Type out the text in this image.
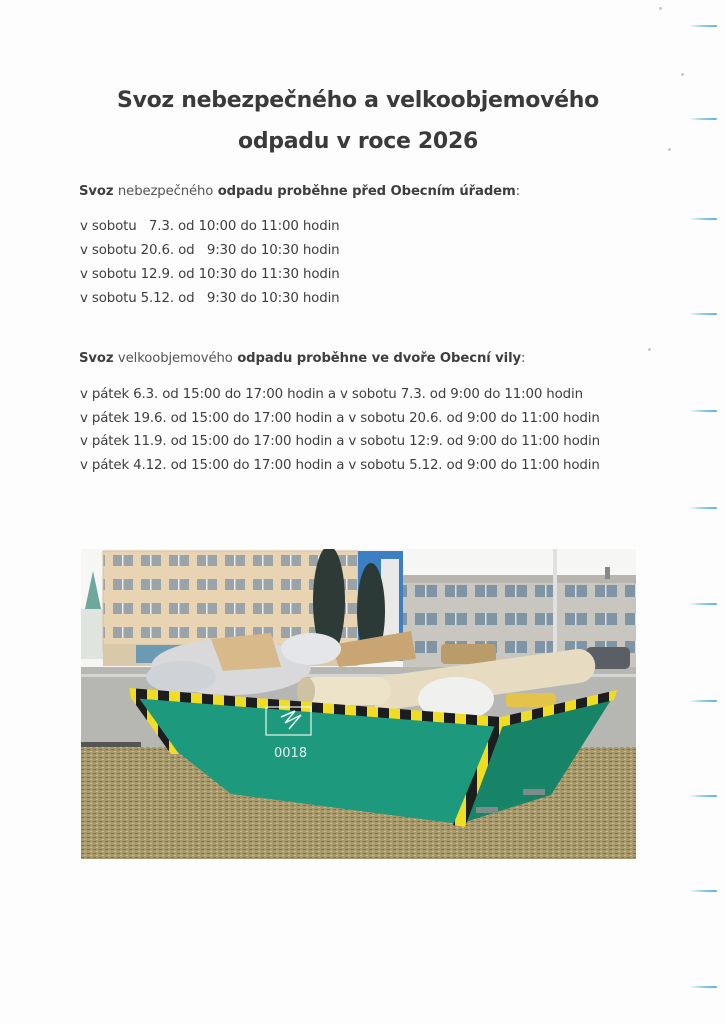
Svoz nebezpečného a velkoobjemového
odpadu v roce 2026
Svoz nebezpečného odpadu proběhne před Obecním úřadem:
v sobotu   7.3. od 10:00 do 11:00 hodin
v sobotu 20.6. od   9:30 do 10:30 hodin
v sobotu 12.9. od 10:30 do 11:30 hodin
v sobotu 5.12. od   9:30 do 10:30 hodin
Svoz velkoobjemového odpadu proběhne ve dvoře Obecní vily:
v pátek 6.3. od 15:00 do 17:00 hodin a v sobotu 7.3. od 9:00 do 11:00 hodin
v pátek 19.6. od 15:00 do 17:00 hodin a v sobotu 20.6. od 9:00 do 11:00 hodin
v pátek 11.9. od 15:00 do 17:00 hodin a v sobotu 12:9. od 9:00 do 11:00 hodin
v pátek 4.12. od 15:00 do 17:00 hodin a v sobotu 5.12. od 9:00 do 11:00 hodin
0018
